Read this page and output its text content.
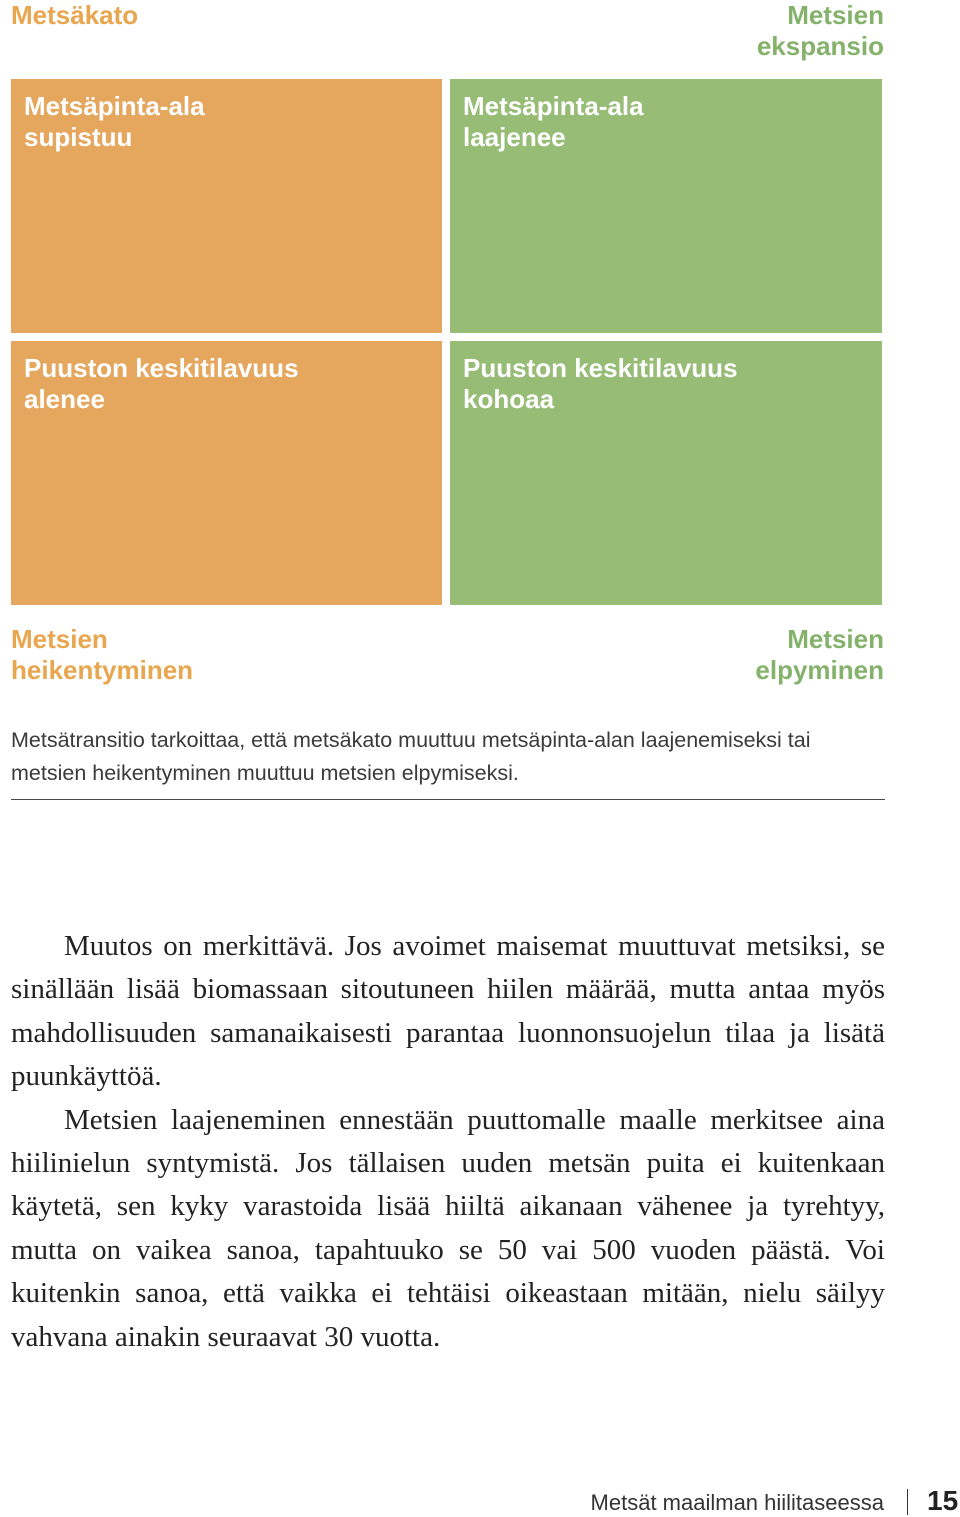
Metsäkato	Metsien
ekspansio
Metsäpinta-ala
supistuu
Metsäpinta-ala
laajenee
Puuston keskitilavuus
alenee
Puuston keskitilavuus
kohoaa
Metsien
heikentyminen
Metsien
elpyminen
Metsätransitio tarkoittaa, että metsäkato muuttuu metsäpinta-alan laajenemiseksi tai metsien heikentyminen muuttuu metsien elpymiseksi.

Muutos on merkittävä. Jos avoimet maisemat muuttuvat metsiksi, se sinällään lisää biomassaan sitoutuneen hiilen määrää, mutta antaa myös mahdollisuuden samanaikaisesti parantaa luonnonsuojelun tilaa ja lisätä puunkäyttöä.

Metsien laajeneminen ennestään puuttomalle maalle merkitsee aina hiilinielun syntymistä. Jos tällaisen uuden metsän puita ei kuitenkaan käytetä, sen kyky varastoida lisää hiiltä aikanaan vähenee ja tyrehtyy, mutta on vaikea sanoa, tapahtuuko se 50 vai 500 vuoden päästä. Voi kuitenkin sanoa, että vaikka ei tehtäisi oikeastaan mitään, nielu säilyy vahvana ainakin seuraavat 30 vuotta.

Metsät maailman hiilitaseessa 15
